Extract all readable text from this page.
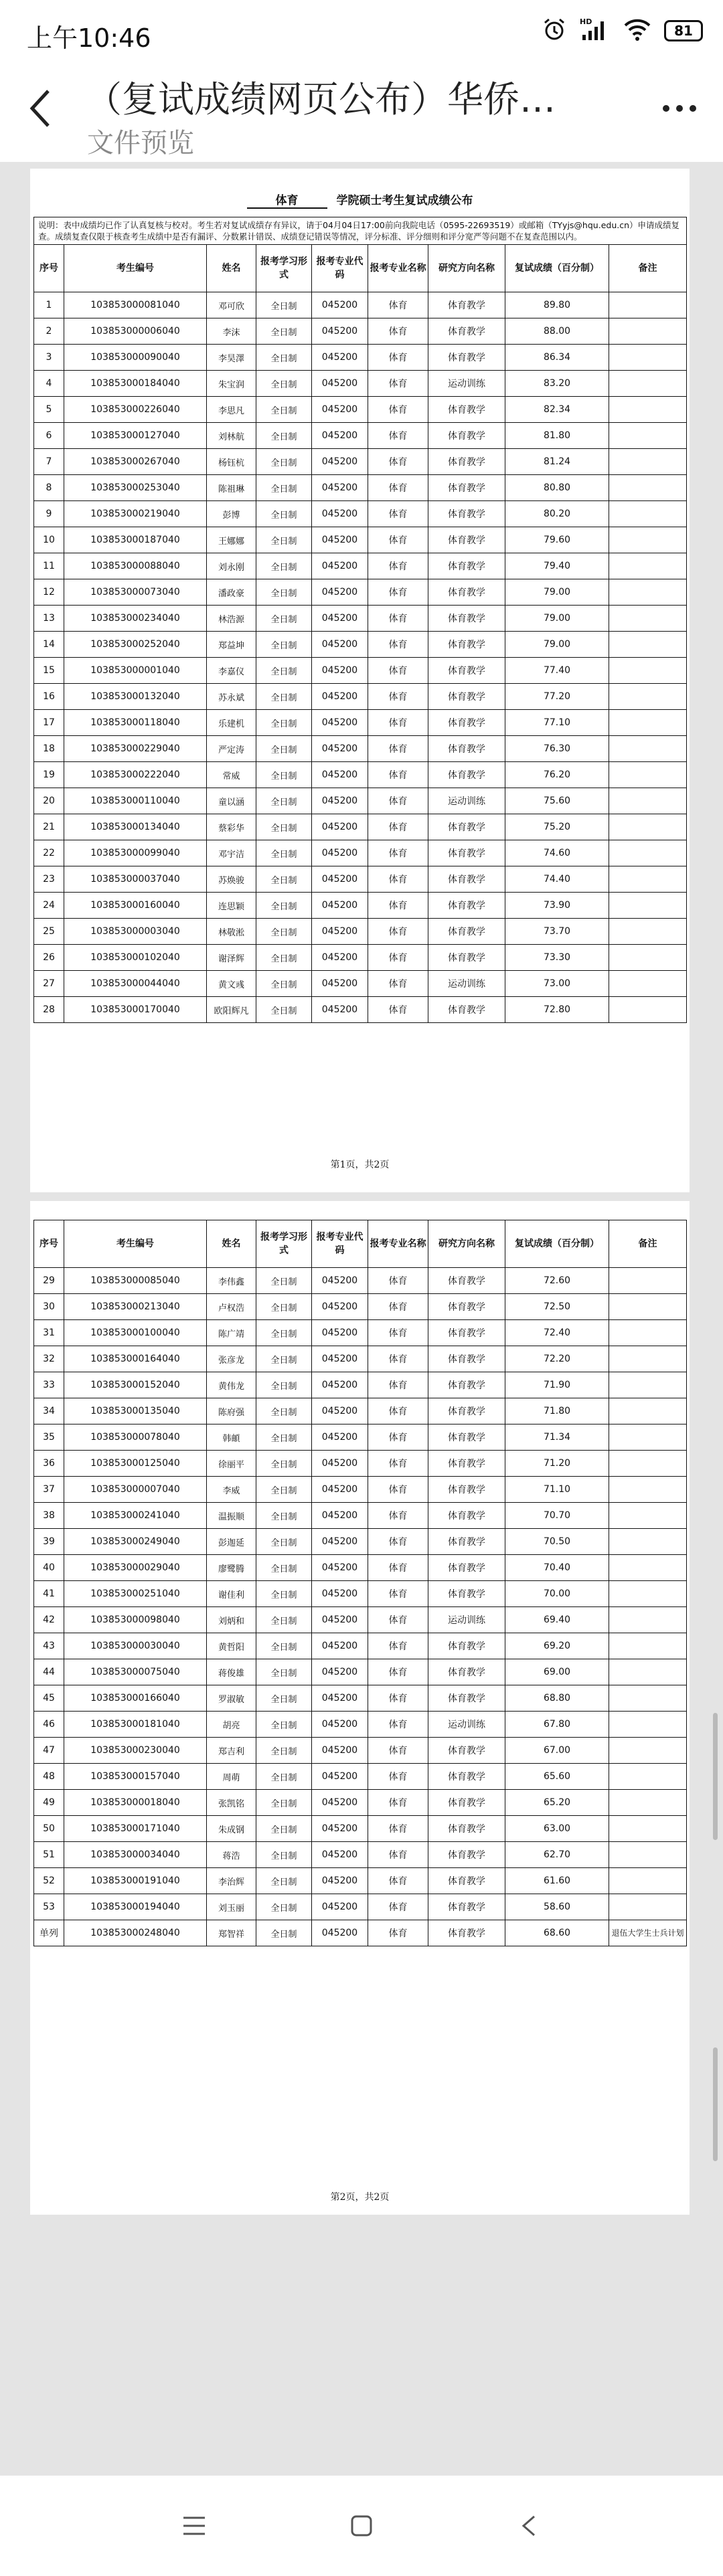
上午10:46
HD
81
（复试成绩网页公布）华侨…
文件预览
体育	学院硕士考生复试成绩公布
说明：表中成绩均已作了认真复核与校对。考生若对复试成绩存有异议，请于04月04日17:00前向我院电话（0595-22693519）或邮箱（TYyjs@hqu.edu.cn）申请成绩复查。成绩复查仅限于核查考生成绩中是否有漏评、分数累计错误、成绩登记错误等情况，评分标准、评分细则和评分宽严等问题不在复查范围以内。								
序号	考生编号	姓名	报考学习形式	报考专业代码	报考专业名称	研究方向名称	复试成绩（百分制）	备注
1	103853000081040	邓可欣	全日制	045200	体育	体育教学	89.80	
2	103853000006040	李沫	全日制	045200	体育	体育教学	88.00	
3	103853000090040	李昊澤	全日制	045200	体育	体育教学	86.34	
4	103853000184040	朱宝润	全日制	045200	体育	运动训练	83.20	
5	103853000226040	李思凡	全日制	045200	体育	体育教学	82.34	
6	103853000127040	刘林航	全日制	045200	体育	体育教学	81.80	
7	103853000267040	杨钰杭	全日制	045200	体育	体育教学	81.24	
8	103853000253040	陈祖琳	全日制	045200	体育	体育教学	80.80	
9	103853000219040	彭博	全日制	045200	体育	体育教学	80.20	
10	103853000187040	王娜娜	全日制	045200	体育	体育教学	79.60	
11	103853000088040	刘永刚	全日制	045200	体育	体育教学	79.40	
12	103853000073040	潘政豪	全日制	045200	体育	体育教学	79.00	
13	103853000234040	林浩源	全日制	045200	体育	体育教学	79.00	
14	103853000252040	郑益坤	全日制	045200	体育	体育教学	79.00	
15	103853000001040	李嘉仪	全日制	045200	体育	体育教学	77.40	
16	103853000132040	苏永斌	全日制	045200	体育	体育教学	77.20	
17	103853000118040	乐建机	全日制	045200	体育	体育教学	77.10	
18	103853000229040	严定涛	全日制	045200	体育	体育教学	76.30	
19	103853000222040	常威	全日制	045200	体育	体育教学	76.20	
20	103853000110040	童以涵	全日制	045200	体育	运动训练	75.60	
21	103853000134040	蔡彩华	全日制	045200	体育	体育教学	75.20	
22	103853000099040	邓宇洁	全日制	045200	体育	体育教学	74.60	
23	103853000037040	苏焕骏	全日制	045200	体育	体育教学	74.40	
24	103853000160040	连思颖	全日制	045200	体育	体育教学	73.90	
25	103853000003040	林敬淞	全日制	045200	体育	体育教学	73.70	
26	103853000102040	谢泽辉	全日制	045200	体育	体育教学	73.30	
27	103853000044040	黄文彧	全日制	045200	体育	运动训练	73.00	
28	103853000170040	欧阳辉凡	全日制	045200	体育	体育教学	72.80	
第1页，共2页
序号	考生编号	姓名	报考学习形式	报考专业代码	报考专业名称	研究方向名称	复试成绩（百分制）	备注
29	103853000085040	李伟鑫	全日制	045200	体育	体育教学	72.60	
30	103853000213040	卢权浩	全日制	045200	体育	体育教学	72.50	
31	103853000100040	陈广靖	全日制	045200	体育	体育教学	72.40	
32	103853000164040	张彦龙	全日制	045200	体育	体育教学	72.20	
33	103853000152040	黄伟龙	全日制	045200	体育	体育教学	71.90	
34	103853000135040	陈府强	全日制	045200	体育	体育教学	71.80	
35	103853000078040	韩頔	全日制	045200	体育	体育教学	71.34	
36	103853000125040	徐丽平	全日制	045200	体育	体育教学	71.20	
37	103853000007040	李威	全日制	045200	体育	体育教学	71.10	
38	103853000241040	温振顺	全日制	045200	体育	体育教学	70.70	
39	103853000249040	彭迦延	全日制	045200	体育	体育教学	70.50	
40	103853000029040	廖鹭腾	全日制	045200	体育	体育教学	70.40	
41	103853000251040	谢佳利	全日制	045200	体育	体育教学	70.00	
42	103853000098040	刘炳和	全日制	045200	体育	运动训练	69.40	
43	103853000030040	黄哲阳	全日制	045200	体育	体育教学	69.20	
44	103853000075040	蒋俊雄	全日制	045200	体育	体育教学	69.00	
45	103853000166040	罗淑敏	全日制	045200	体育	体育教学	68.80	
46	103853000181040	胡亮	全日制	045200	体育	运动训练	67.80	
47	103853000230040	郑吉利	全日制	045200	体育	体育教学	67.00	
48	103853000157040	周萌	全日制	045200	体育	体育教学	65.60	
49	103853000018040	张凯铭	全日制	045200	体育	体育教学	65.20	
50	103853000171040	朱成钢	全日制	045200	体育	体育教学	63.00	
51	103853000034040	蒋浩	全日制	045200	体育	体育教学	62.70	
52	103853000191040	李治辉	全日制	045200	体育	体育教学	61.60	
53	103853000194040	刘玉丽	全日制	045200	体育	体育教学	58.60	
单列	103853000248040	郑智祥	全日制	045200	体育	体育教学	68.60	退伍大学生士兵计划
第2页，共2页
